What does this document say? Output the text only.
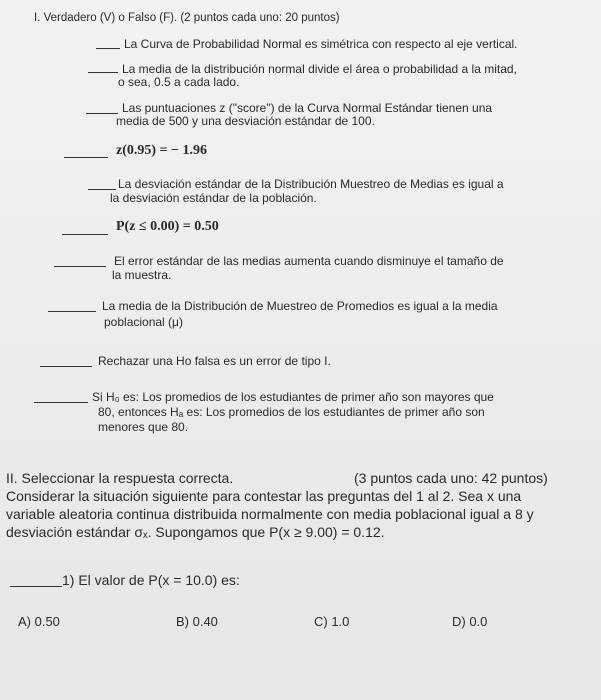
I. Verdadero (V) o Falso (F). (2 puntos cada uno: 20 puntos)
La Curva de Probabilidad Normal es simétrica con respecto al eje vertical.
La media de la distribución normal divide el área o probabilidad a la mitad,
o sea, 0.5 a cada lado.
Las puntuaciones z ("score") de la Curva Normal Estándar tienen una
media de 500 y una desviación estándar de 100.
z(0.95) = − 1.96
La desviación estándar de la Distribución Muestreo de Medias es igual a
la desviación estándar de la población.
P(z ≤ 0.00) = 0.50
El error estándar de las medias aumenta cuando disminuye el tamaño de
la muestra.
La media de la Distribución de Muestreo de Promedios es igual a la media
poblacional (μ)
Rechazar una Ho falsa es un error de tipo I.
Si H₀ es: Los promedios de los estudiantes de primer año son mayores que
80, entonces Hₐ es: Los promedios de los estudiantes de primer año son
menores que 80.
II. Seleccionar la respuesta correcta.	(3 puntos cada uno: 42 puntos)
Considerar la situación siguiente para contestar las preguntas del 1 al 2. Sea x una
variable aleatoria continua distribuida normalmente con media poblacional igual a 8 y
desviación estándar σₓ. Supongamos que P(x ≥ 9.00) = 0.12.
1) El valor de P(x = 10.0) es:
A) 0.50	B) 0.40	C) 1.0	D) 0.0
